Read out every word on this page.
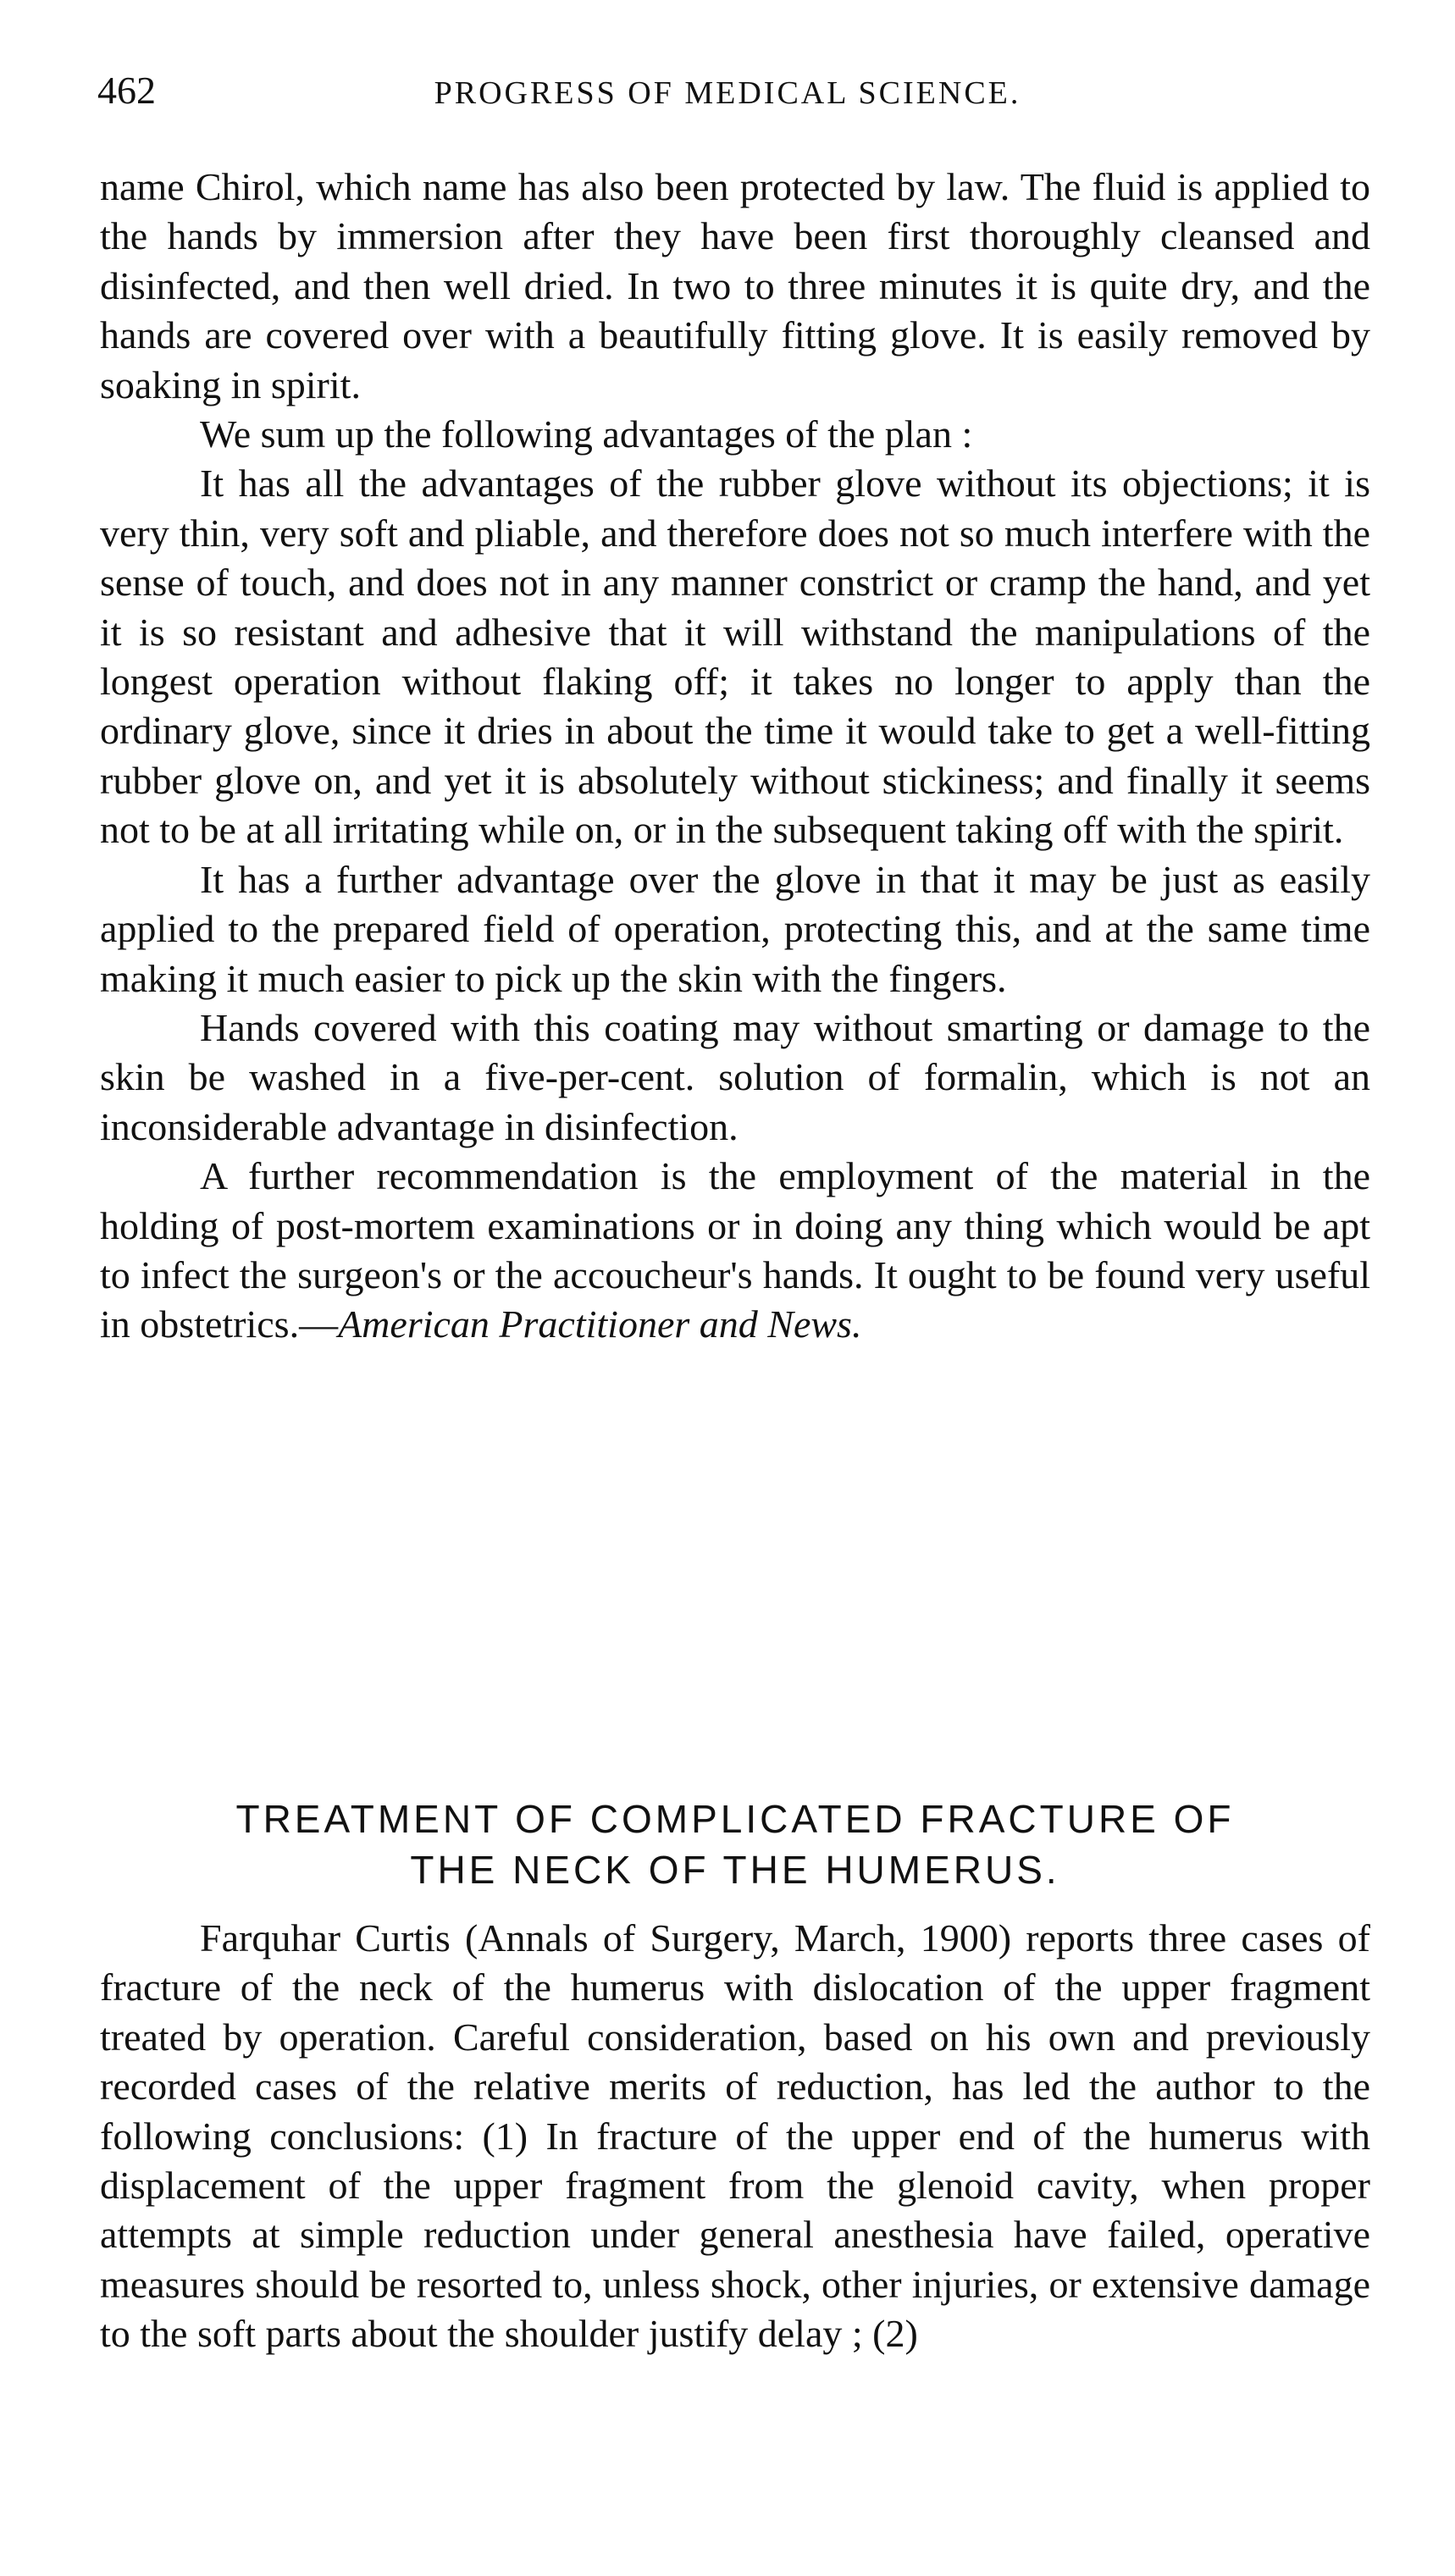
462	PROGRESS OF MEDICAL SCIENCE.

name Chirol, which name has also been protected by law. The fluid is applied to the hands by immersion after they have been first thoroughly cleansed and disinfected, and then well dried. In two to three minutes it is quite dry, and the hands are covered over with a beautifully fitting glove. It is easily removed by soaking in spirit.

We sum up the following advantages of the plan :

It has all the advantages of the rubber glove without its objections; it is very thin, very soft and pliable, and therefore does not so much interfere with the sense of touch, and does not in any manner constrict or cramp the hand, and yet it is so resistant and adhesive that it will withstand the manipulations of the longest operation without flaking off; it takes no longer to apply than the ordinary glove, since it dries in about the time it would take to get a well-fitting rubber glove on, and yet it is absolutely without stickiness; and finally it seems not to be at all irritating while on, or in the subsequent taking off with the spirit.

It has a further advantage over the glove in that it may be just as easily applied to the prepared field of operation, protecting this, and at the same time making it much easier to pick up the skin with the fingers.

Hands covered with this coating may without smarting or damage to the skin be washed in a five-per-cent. solution of formalin, which is not an inconsiderable advantage in disinfection.

A further recommendation is the employment of the material in the holding of post-mortem examinations or in doing any thing which would be apt to infect the surgeon's or the accoucheur's hands. It ought to be found very useful in obstetrics.—American Practitioner and News.

TREATMENT OF COMPLICATED FRACTURE OF
THE NECK OF THE HUMERUS.

Farquhar Curtis (Annals of Surgery, March, 1900) reports three cases of fracture of the neck of the humerus with dislocation of the upper fragment treated by operation. Careful consideration, based on his own and previously recorded cases of the relative merits of reduction, has led the author to the following conclusions: (1) In fracture of the upper end of the humerus with displacement of the upper fragment from the glenoid cavity, when proper attempts at simple reduction under general anesthesia have failed, operative measures should be resorted to, unless shock, other injuries, or extensive damage to the soft parts about the shoulder justify delay ; (2)
